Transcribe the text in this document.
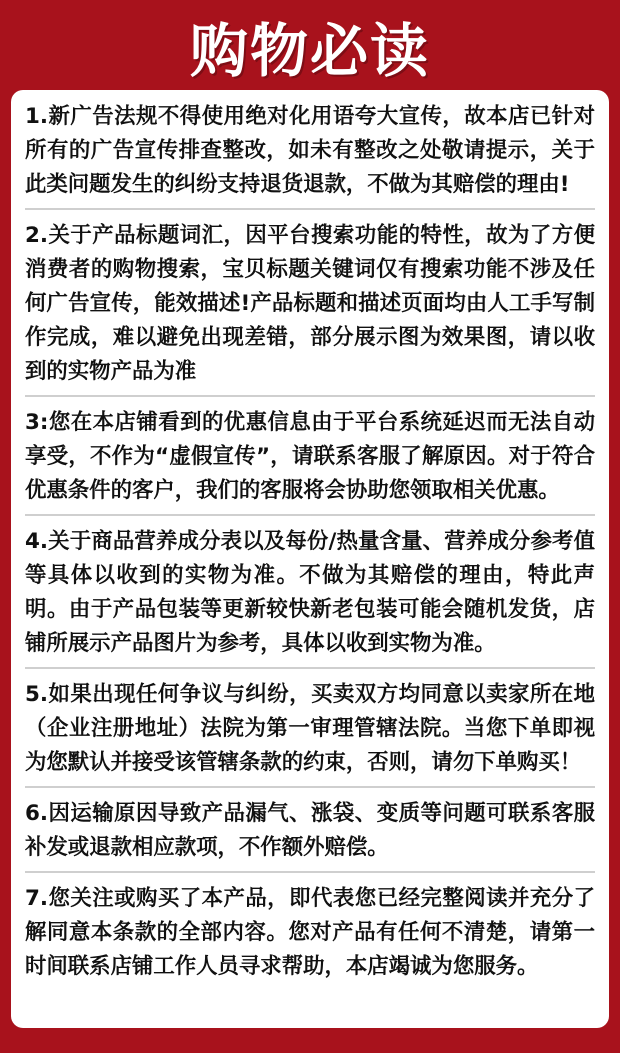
购物必读

1.新广告法规不得使用绝对化用语夸大宣传，故本店已针对所有的广告宣传排查整改，如未有整改之处敬请提示，关于此类问题发生的纠纷支持退货退款，不做为其赔偿的理由!

2.关于产品标题词汇，因平台搜索功能的特性，故为了方便消费者的购物搜索，宝贝标题关键词仅有搜索功能不涉及任何广告宣传，能效描述!产品标题和描述页面均由人工手写制作完成，难以避免出现差错，部分展示图为效果图，请以收到的实物产品为准

3:您在本店铺看到的优惠信息由于平台系统延迟而无法自动享受，不作为“虚假宣传”，请联系客服了解原因。对于符合优惠条件的客户，我们的客服将会协助您领取相关优惠。

4.关于商品营养成分表以及每份/热量含量、营养成分参考值等具体以收到的实物为准。不做为其赔偿的理由，特此声明。由于产品包装等更新较快新老包装可能会随机发货，店铺所展示产品图片为参考，具体以收到实物为准。

5.如果出现任何争议与纠纷，买卖双方均同意以卖家所在地（企业注册地址）法院为第一审理管辖法院。当您下单即视为您默认并接受该管辖条款的约束，否则，请勿下单购买！

6.因运输原因导致产品漏气、涨袋、变质等问题可联系客服补发或退款相应款项，不作额外赔偿。

7.您关注或购买了本产品，即代表您已经完整阅读并充分了解同意本条款的全部内容。您对产品有任何不清楚，请第一时间联系店铺工作人员寻求帮助，本店竭诚为您服务。
